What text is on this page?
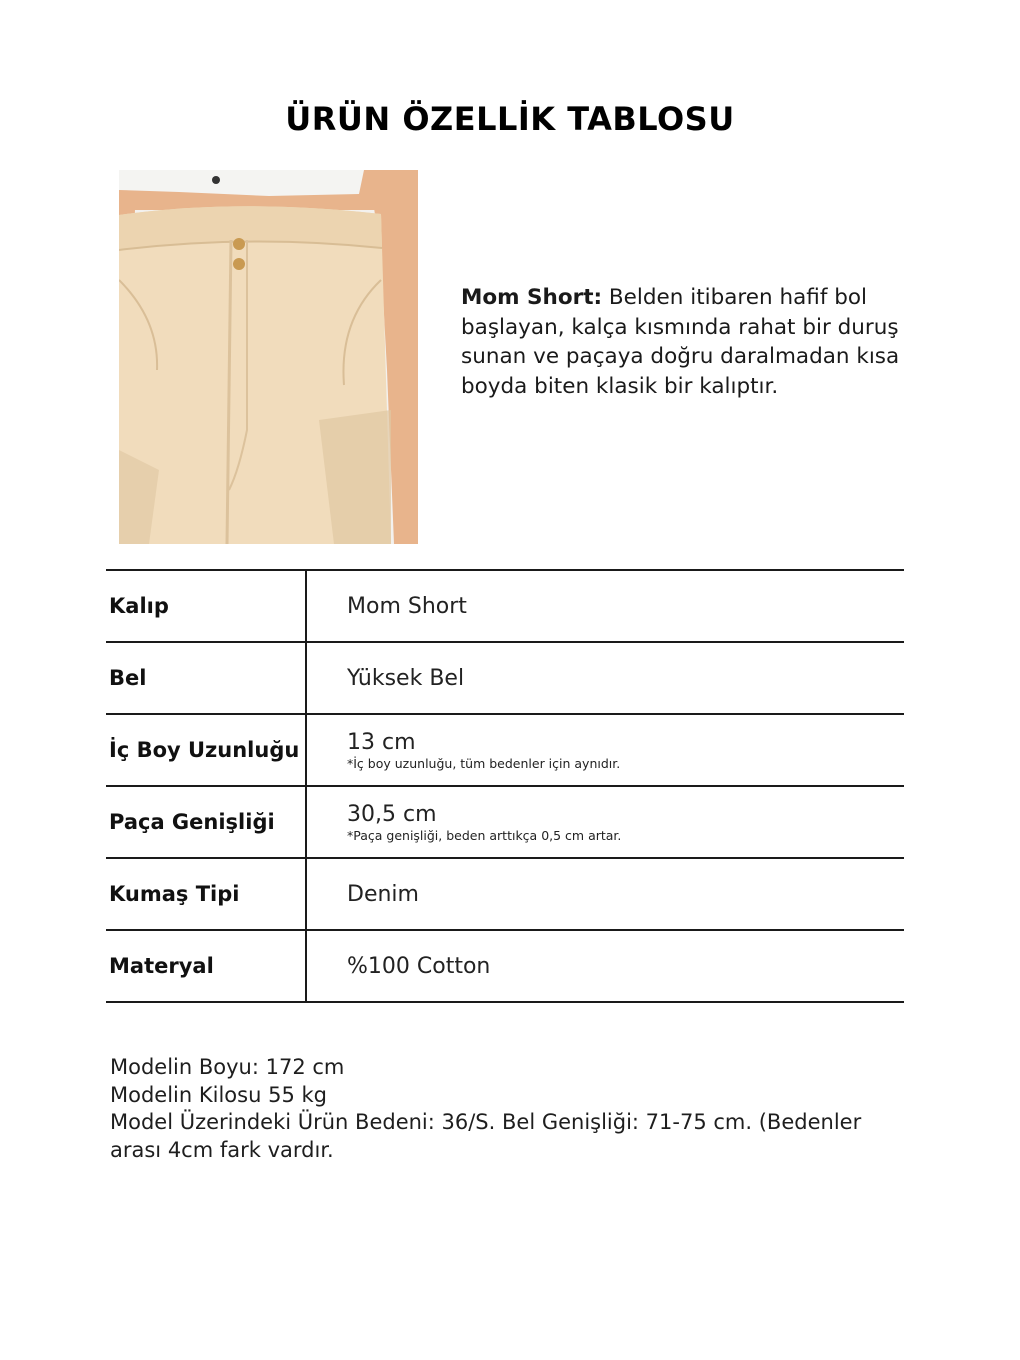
ÜRÜN ÖZELLİK TABLOSU
Mom Short: Belden itibaren hafif bol başlayan, kalça kısmında rahat bir duruş sunan ve paçaya doğru daralmadan kısa boyda biten klasik bir kalıptır.
Kalıp	Mom Short
Bel	Yüksek Bel
İç Boy Uzunluğu	13 cm
*İç boy uzunluğu, tüm bedenler için aynıdır.
Paça Genişliği	30,5 cm
*Paça genişliği, beden arttıkça 0,5 cm artar.
Kumaş Tipi	Denim
Materyal	%100 Cotton
Modelin Boyu: 172 cm
Modelin Kilosu 55 kg
Model Üzerindeki Ürün Bedeni: 36/S. Bel Genişliği: 71-75 cm. (Bedenler arası 4cm fark vardır.
